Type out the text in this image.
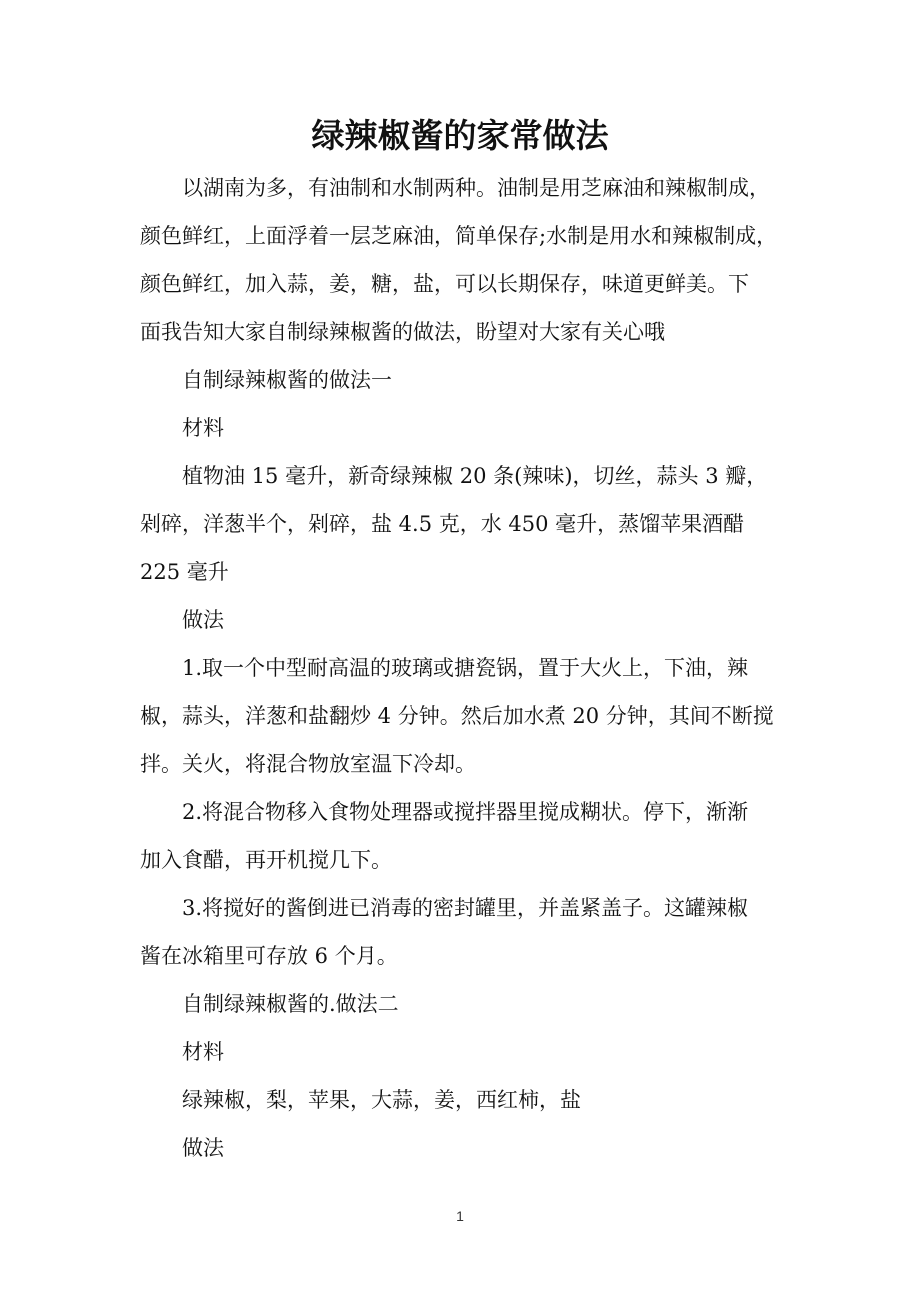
绿辣椒酱的家常做法
以湖南为多，有油制和水制两种。油制是用芝麻油和辣椒制成，
颜色鲜红，上面浮着一层芝麻油，简单保存;水制是用水和辣椒制成，
颜色鲜红，加入蒜，姜，糖，盐，可以长期保存，味道更鲜美。下
面我告知大家自制绿辣椒酱的做法，盼望对大家有关心哦
自制绿辣椒酱的做法一
材料
植物油 15 毫升，新奇绿辣椒 20 条(辣味)，切丝，蒜头 3 瓣，
剁碎，洋葱半个，剁碎，盐 4.5 克，水 450 毫升，蒸馏苹果酒醋
225 毫升
做法
1.取一个中型耐高温的玻璃或搪瓷锅，置于大火上，下油，辣
椒，蒜头，洋葱和盐翻炒 4 分钟。然后加水煮 20 分钟，其间不断搅
拌。关火，将混合物放室温下冷却。
2.将混合物移入食物处理器或搅拌器里搅成糊状。停下，渐渐
加入食醋，再开机搅几下。
3.将搅好的酱倒进已消毒的密封罐里，并盖紧盖子。这罐辣椒
酱在冰箱里可存放 6 个月。
自制绿辣椒酱的.做法二
材料
绿辣椒，梨，苹果，大蒜，姜，西红柿，盐
做法
1
